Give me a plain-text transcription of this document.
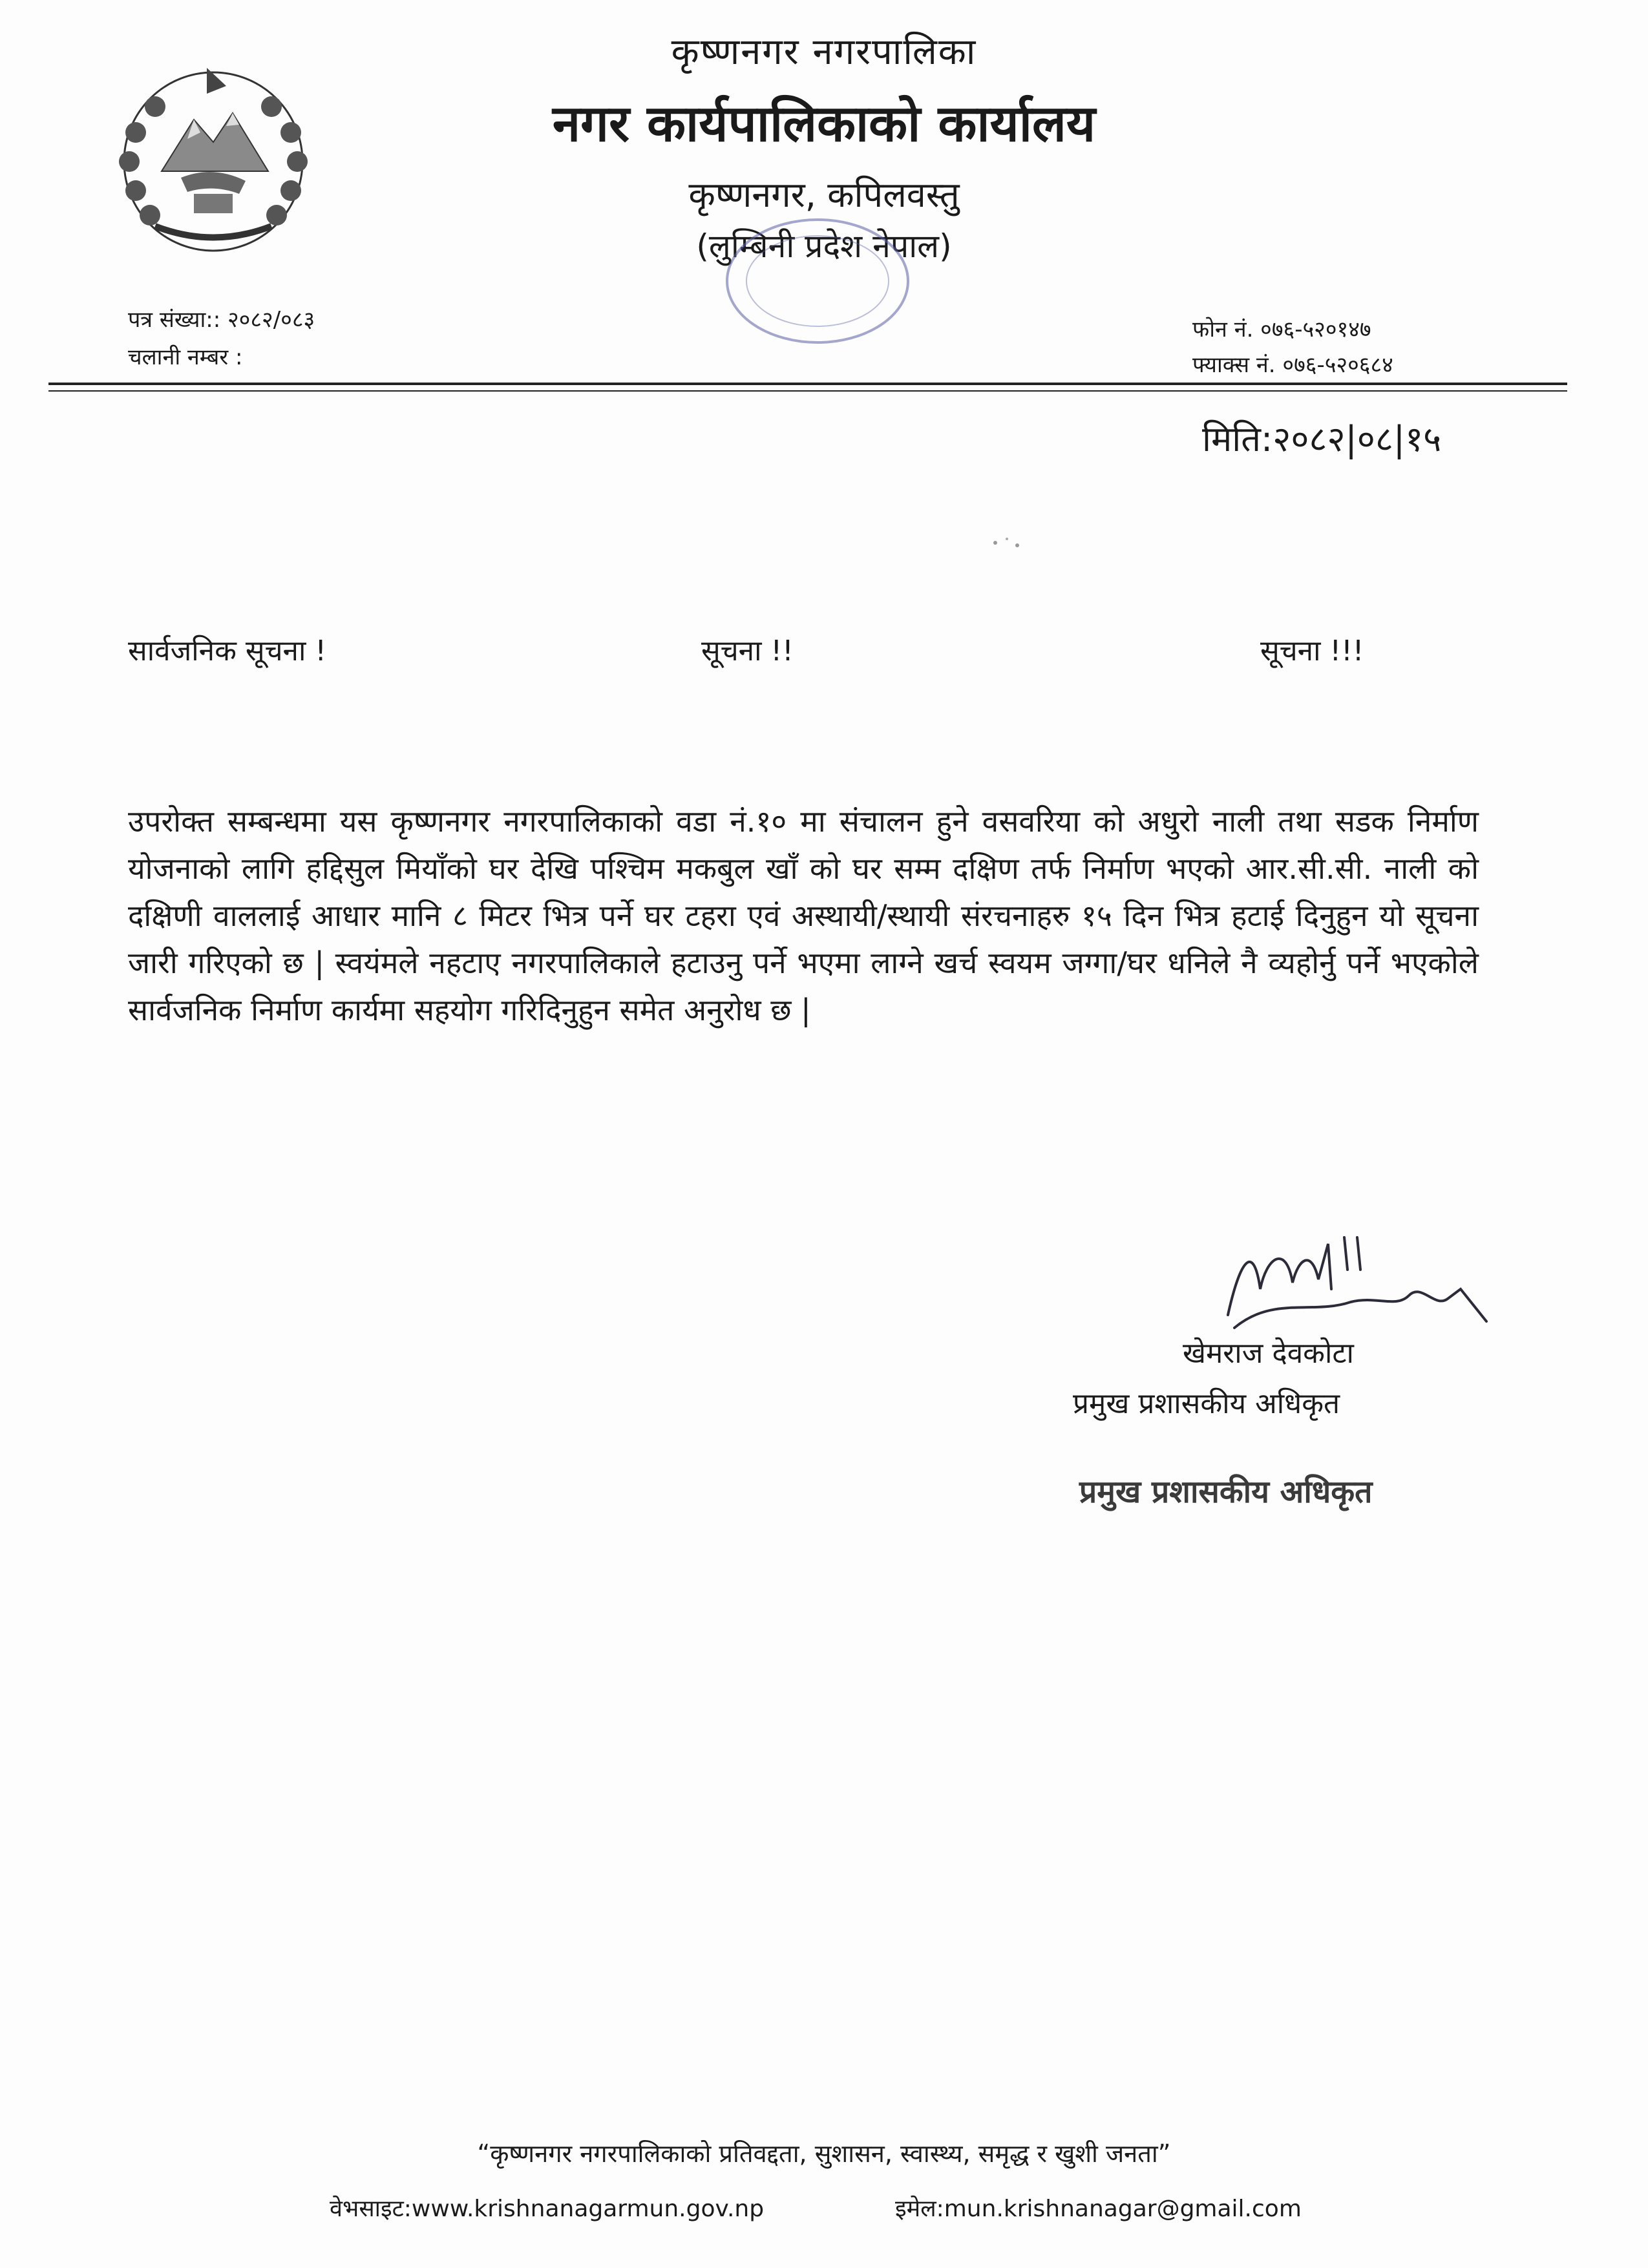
कृष्णनगर नगरपालिका
नगर कार्यपालिकाको कार्यालय
कृष्णनगर, कपिलवस्तु
(लुम्बिनी प्रदेश नेपाल)
पत्र संख्या:: २०८२/०८३
चलानी नम्बर :
फोन नं. ०७६-५२०१४७
फ्याक्स नं. ०७६-५२०६८४
मिति:२०८२|०८|१५
सार्वजनिक सूचना !	सूचना !!	सूचना !!!
उपरोक्त सम्बन्धमा यस कृष्णनगर नगरपालिकाको वडा नं.१० मा संचालन हुने वसवरिया को अधुरो नाली तथा सडक निर्माण योजनाको लागि हद्दिसुल मियाँको घर देखि पश्चिम मकबुल खाँ को घर सम्म दक्षिण तर्फ निर्माण भएको आर.सी.सी. नाली को दक्षिणी वाललाई आधार मानि ८ मिटर भित्र पर्ने घर टहरा एवं अस्थायी/स्थायी संरचनाहरु १५ दिन भित्र हटाई दिनुहुन यो सूचना जारी गरिएको छ | स्वयंमले नहटाए नगरपालिकाले हटाउनु पर्ने भएमा लाग्ने खर्च स्वयम जग्गा/घर धनिले नै व्यहोर्नु पर्ने भएकोले सार्वजनिक निर्माण कार्यमा सहयोग गरिदिनुहुन समेत अनुरोध छ |
खेमराज देवकोटा
प्रमुख प्रशासकीय अधिकृत
प्रमुख प्रशासकीय अधिकृत
“कृष्णनगर नगरपालिकाको प्रतिवद्दता, सुशासन, स्वास्थ्य, समृद्ध र खुशी जनता”
वेभसाइट:www.krishnanagarmun.gov.np	इमेल:mun.krishnanagar@gmail.com
